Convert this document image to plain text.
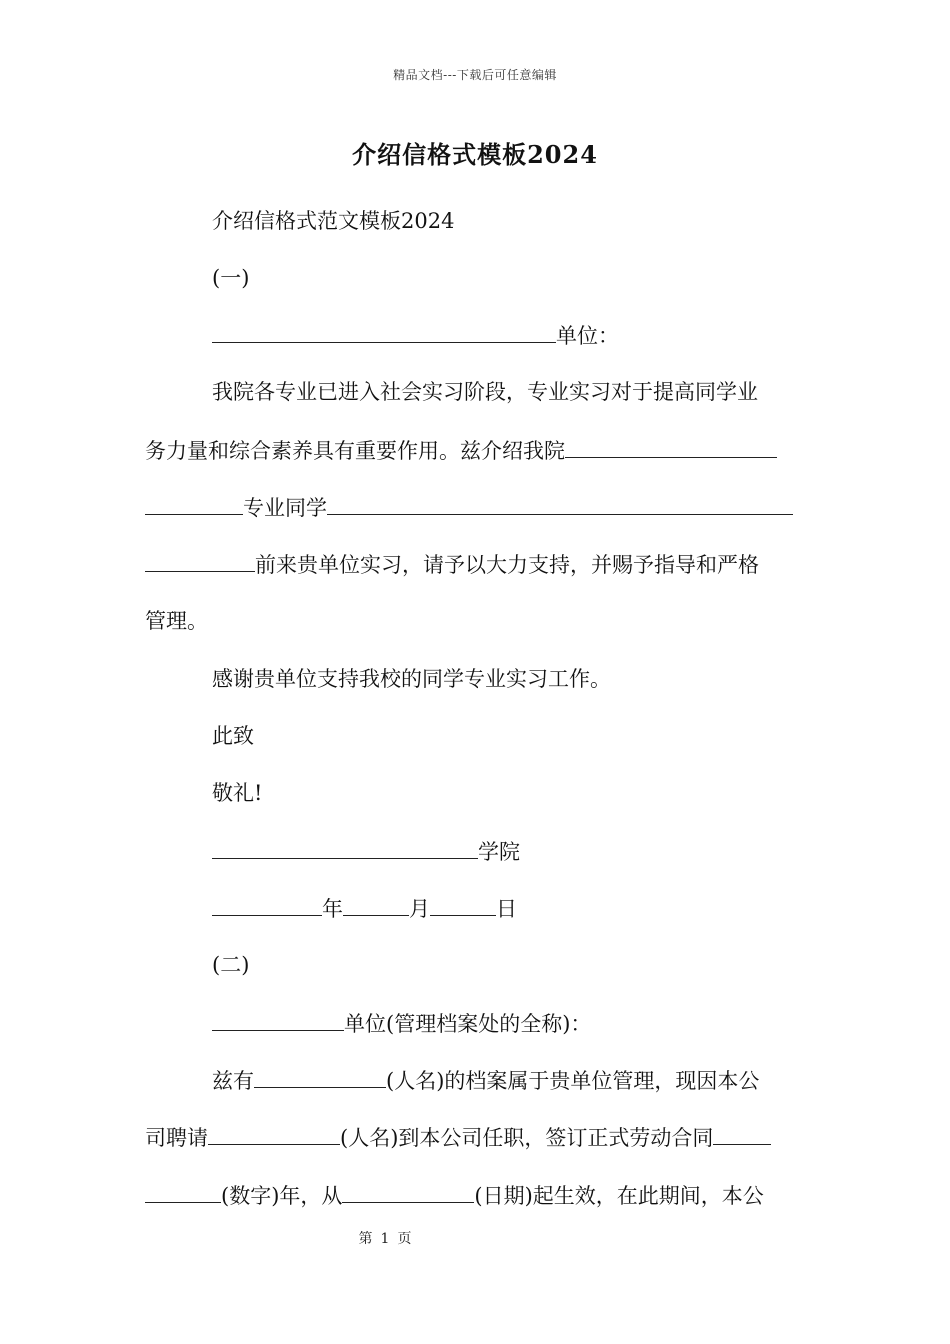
精品文档---下载后可任意编辑
介绍信格式模板2024
介绍信格式范文模板2024
(一)
单位：
我院各专业已进入社会实习阶段，专业实习对于提高同学业
务力量和综合素养具有重要作用。兹介绍我院
专业同学
前来贵单位实习，请予以大力支持，并赐予指导和严格
管理。
感谢贵单位支持我校的同学专业实习工作。
此致
敬礼!
学院
年	月	日
(二)
单位(管理档案处的全称)：
兹有	(人名)的档案属于贵单位管理，现因本公
司聘请	(人名)到本公司任职，签订正式劳动合同
(数字)年，从	(日期)起生效，在此期间，本公
第 1 页
